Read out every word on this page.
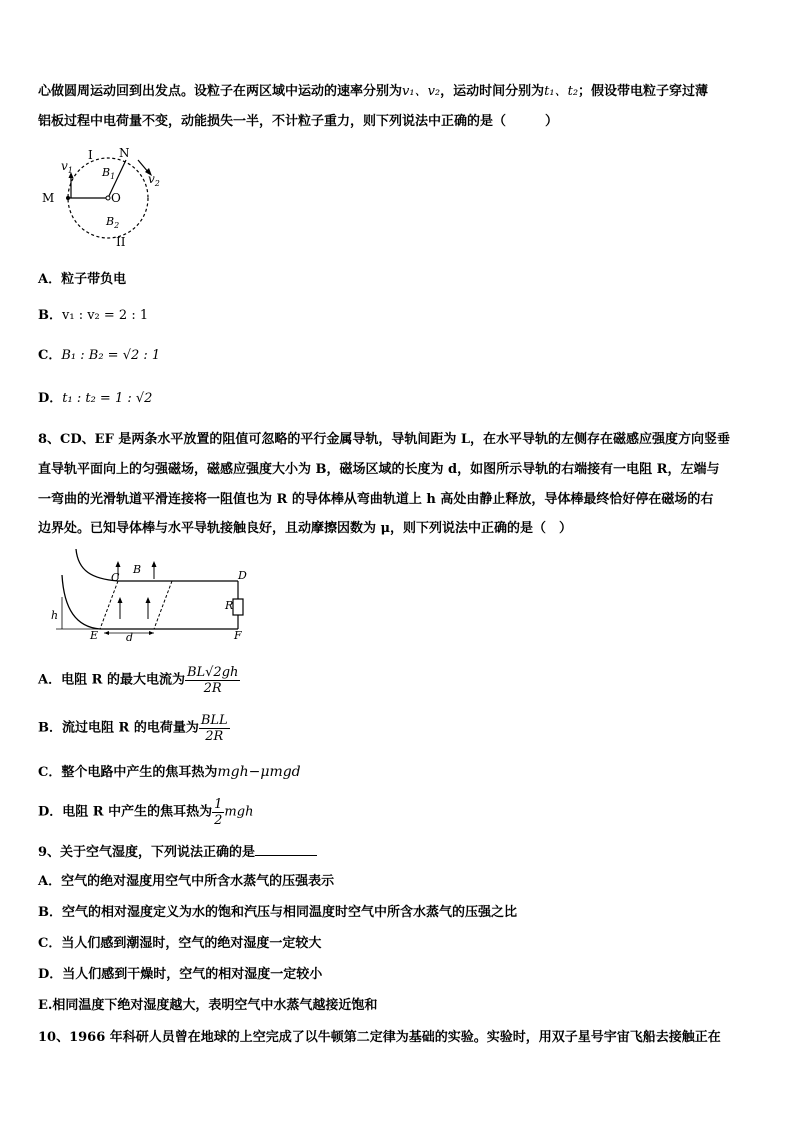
心做圆周运动回到出发点。设粒子在两区域中运动的速率分别为v₁、v₂，运动时间分别为t₁、t₂；假设带电粒子穿过薄
铝板过程中电荷量不变，动能损失一半，不计粒子重力，则下列说法中正确的是（　　　）
I N
$v_1$
$v_2$
$B_1$
M	O
$B_2$
II
A．粒子带负电
B．v₁ : v₂ = 2 : 1
C．B₁ : B₂ = √2 : 1
D．t₁ : t₂ = 1 : √2
8、CD、EF 是两条水平放置的阻值可忽略的平行金属导轨，导轨间距为 L，在水平导轨的左侧存在磁感应强度方向竖垂
直导轨平面向上的匀强磁场，磁感应强度大小为 B，磁场区域的长度为 d，如图所示导轨的右端接有一电阻 R，左端与
一弯曲的光滑轨道平滑连接将一阻值也为 R 的导体棒从弯曲轨道上 h 高处由静止释放，导体棒最终恰好停在磁场的右
边界处。已知导体棒与水平导轨接触良好，且动摩擦因数为 μ，则下列说法中正确的是（　）
C
B	D
R
h
E	d	F
A．电阻 R 的最大电流为 $\frac{BL√2gh}{2R}$
B．流过电阻 R 的电荷量为 $\frac{\text{BLL}}{2R}$
C．整个电路中产生的焦耳热为mgh−μmgd
D．电阻 R 中产生的焦耳热为 $\frac{1}{2}$ mgh
9、关于空气湿度，下列说法正确的是
A．空气的绝对湿度用空气中所含水蒸气的压强表示
B．空气的相对湿度定义为水的饱和汽压与相同温度时空气中所含水蒸气的压强之比
C．当人们感到潮湿时，空气的绝对湿度一定较大
D．当人们感到干燥时，空气的相对湿度一定较小
E.相同温度下绝对湿度越大，表明空气中水蒸气越接近饱和
10、1966 年科研人员曾在地球的上空完成了以牛顿第二定律为基础的实验。实验时，用双子星号宇宙飞船去接触正在
